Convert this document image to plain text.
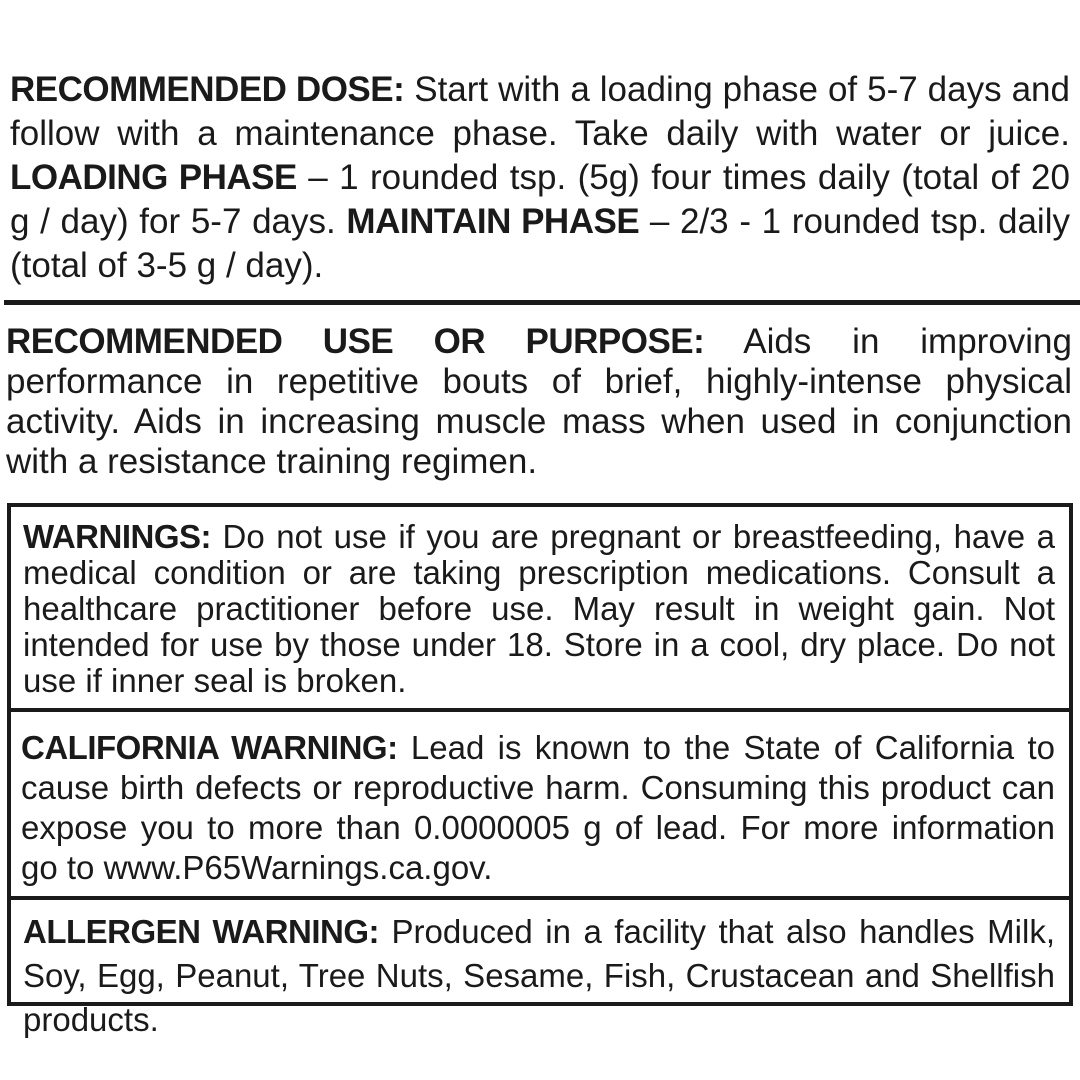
RECOMMENDED DOSE: Start with a loading phase of 5-7 days and follow with a maintenance phase. Take daily with water or juice. LOADING PHASE – 1 rounded tsp. (5g) four times daily (total of 20 g / day) for 5-7 days. MAINTAIN PHASE – 2/3 - 1 rounded tsp. daily (total of 3-5 g / day).

RECOMMENDED USE OR PURPOSE: Aids in improving performance in repetitive bouts of brief, highly-intense physical activity. Aids in increasing muscle mass when used in conjunction with a resistance training regimen.

WARNINGS: Do not use if you are pregnant or breastfeeding, have a medical condition or are taking prescription medications. Consult a healthcare practitioner before use. May result in weight gain. Not intended for use by those under 18. Store in a cool, dry place. Do not use if inner seal is broken.

CALIFORNIA WARNING: Lead is known to the State of California to cause birth defects or reproductive harm. Consuming this product can expose you to more than 0.0000005 g of lead. For more information go to www.P65Warnings.ca.gov.

ALLERGEN WARNING: Produced in a facility that also handles Milk, Soy, Egg, Peanut, Tree Nuts, Sesame, Fish, Crustacean and Shellfish products.
